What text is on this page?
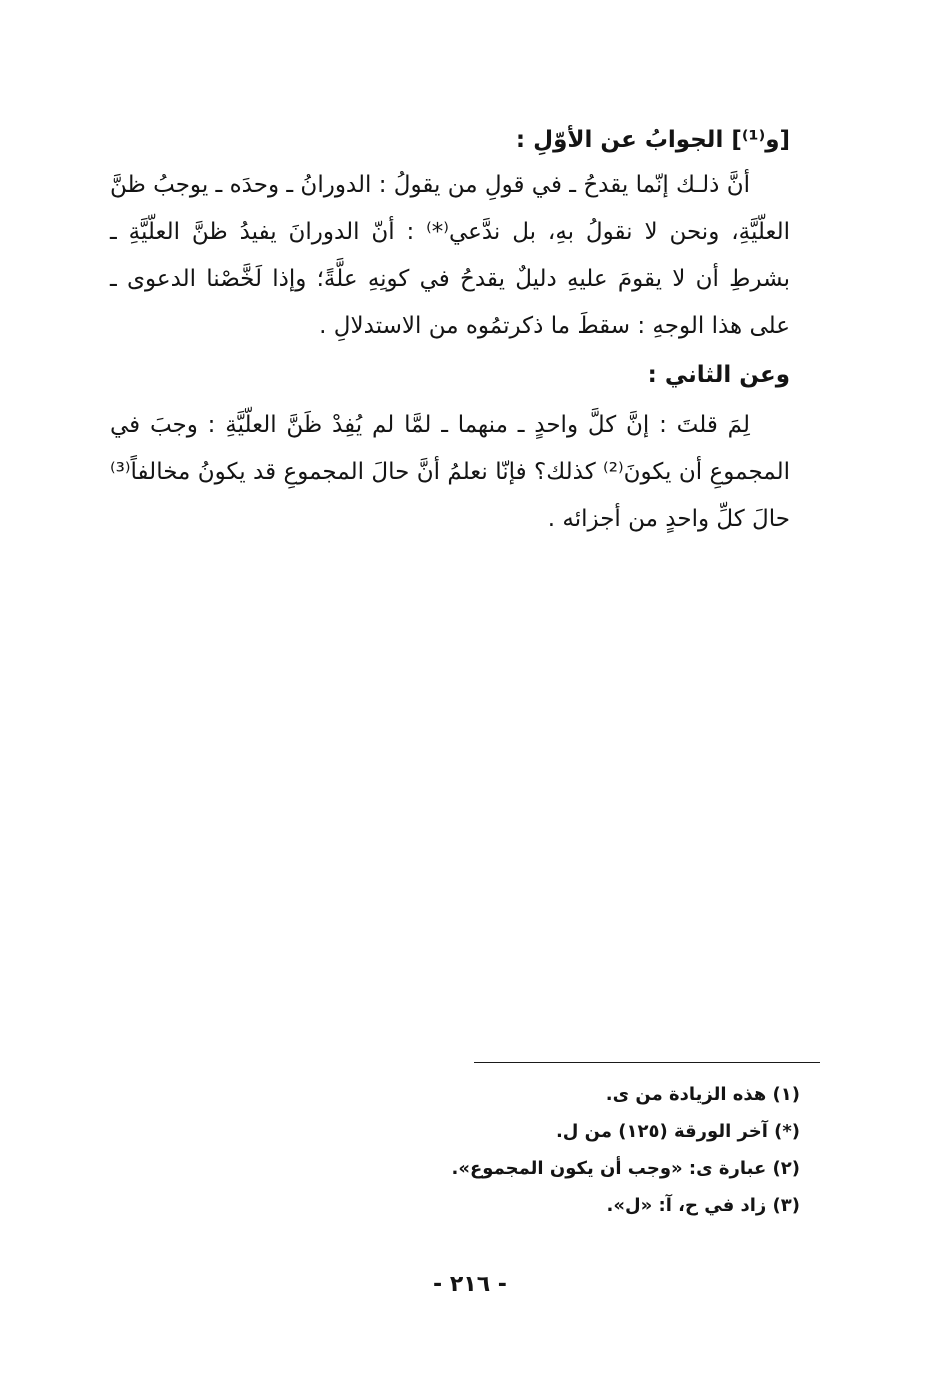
[و⁽¹⁾] الجوابُ عن الأوّلِ :

أنَّ ذلـك إنّما يقدحُ ـ في قولِ من يقولُ : الدورانُ ـ وحدَه ـ يوجبُ ظنَّ العلّيَّةِ، ونحن لا نقولُ بهِ، بل ندَّعي⁽*⁾ : أنّ الدورانَ يفيدُ ظنَّ العلّيَّةِ ـ بشرطِ أن لا يقومَ عليهِ دليلٌ يقدحُ في كونِهِ علَّةً؛ وإذا لَخَّصْنا الدعوى ـ على هذا الوجهِ : سقطَ ما ذكرتمُوه من الاستدلالِ .

وعن الثاني :

لِمَ قلتَ : إنَّ كلَّ واحدٍ ـ منهما ـ لمَّا لم يُفِدْ ظَنَّ العلّيَّةِ : وجبَ في المجموعِ أن يكونَ⁽²⁾ كذلك؟ فإنّا نعلمُ أنَّ حالَ المجموعِ قد يكونُ مخالفاً⁽³⁾ حالَ كلِّ واحدٍ من أجزائه .

(١) هذه الزيادة من ى.

(*) آخر الورقة (١٢٥) من ل.

(٢) عبارة ى: «وجب أن يكون المجموع».

(٣) زاد في ح، آ: «ل».

- ٢١٦ -
